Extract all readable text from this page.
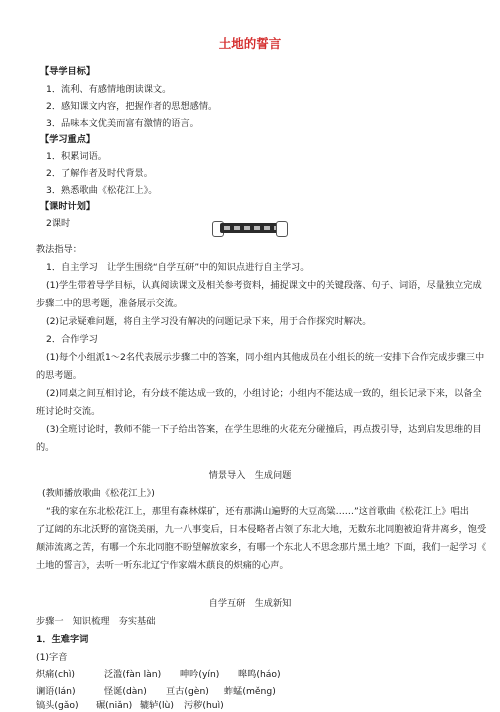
土地的誓言
【导学目标】
1．流利、有感情地朗读课文。
2．感知课文内容，把握作者的思想感情。
3．品味本文优美而富有激情的语言。
【学习重点】
1．积累词语。
2．了解作者及时代背景。
3．熟悉歌曲《松花江上》。
【课时计划】
2课时
教法指导：
1．自主学习　让学生围绕“自学互研”中的知识点进行自主学习。
(1)学生带着导学目标，认真阅读课文及相关参考资料，捕捉课文中的关键段落、句子、词语，尽量独立完成
步骤二中的思考题，准备展示交流。
(2)记录疑难问题，将自主学习没有解决的问题记录下来，用于合作探究时解决。
2．合作学习
(1)每个小组派1～2名代表展示步骤二中的答案，同小组内其他成员在小组长的统一安排下合作完成步骤三中
的思考题。
(2)同桌之间互相讨论，有分歧不能达成一致的，小组讨论；小组内不能达成一致的，组长记录下来，以备全
班讨论时交流。
(3)全班讨论时，教师不能一下子给出答案，在学生思维的火花充分碰撞后，再点拨引导，达到启发思维的目
的。
情景导入　生成问题
(教师播放歌曲《松花江上》)
“我的家在东北松花江上，那里有森林煤矿，还有那满山遍野的大豆高粱……”这首歌曲《松花江上》唱出
了辽阔的东北沃野的富饶美丽，九一八事变后，日本侵略者占领了东北大地，无数东北同胞被迫背井离乡，饱受
颠沛流离之苦，有哪一个东北同胞不盼望解放家乡，有哪一个东北人不思念那片黑土地？下面，我们一起学习《
土地的誓言》，去听一听东北辽宁作家端木蕻良的炽痛的心声。
自学互研　生成新知
步骤一　知识梳理　夯实基础
1．生难字词
(1)字音
炽痛(chì)	泛滥(fàn làn) 呻吟(yín) 嗥鸣(háo)
谰语(lán)	怪诞(dàn) 亘古(gèn) 蚱蜢(měng)
镐头(gǎo) 碾(niǎn) 辘轳(lù) 污秽(huì)
